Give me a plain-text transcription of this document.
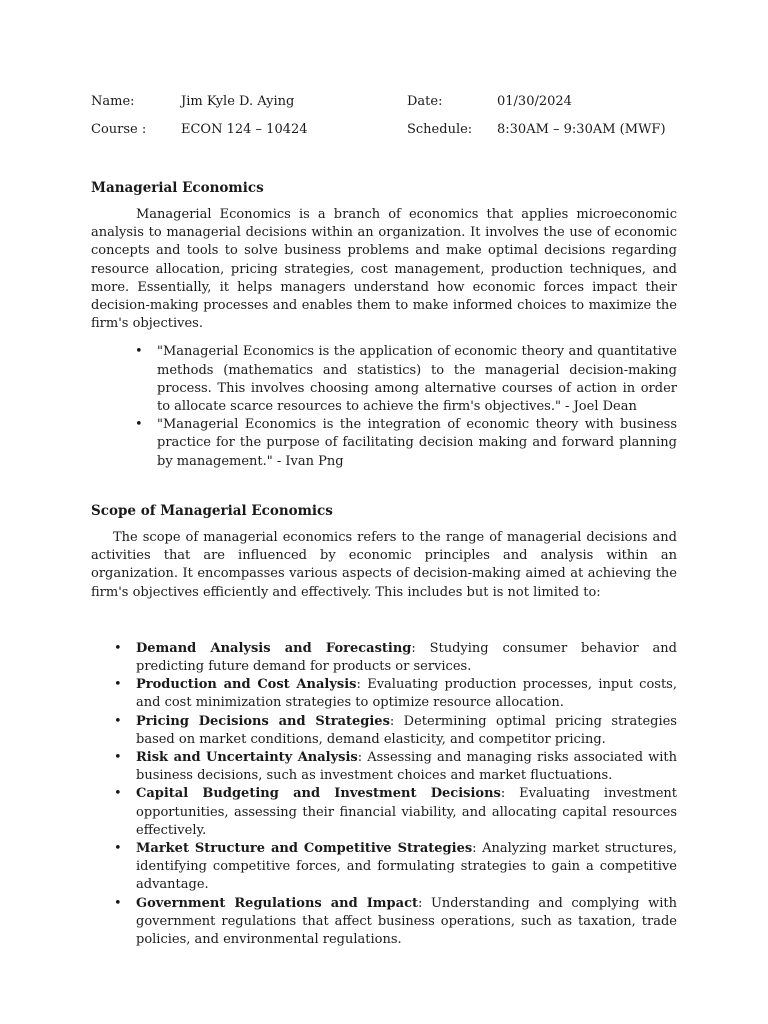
Name:	Jim Kyle D. Aying	Date:	01/30/2024
Course :	ECON 124 – 10424	Schedule: 8:30AM – 9:30AM (MWF)
Managerial Economics

Managerial Economics is a branch of economics that applies microeconomic analysis to managerial decisions within an organization. It involves the use of economic concepts and tools to solve business problems and make optimal decisions regarding resource allocation, pricing strategies, cost management, production techniques, and more. Essentially, it helps managers understand how economic forces impact their decision-making processes and enables them to make informed choices to maximize the firm's objectives.

• "Managerial Economics is the application of economic theory and quantitative methods (mathematics and statistics) to the managerial decision-making process. This involves choosing among alternative courses of action in order to allocate scarce resources to achieve the firm's objectives." - Joel Dean
• "Managerial Economics is the integration of economic theory with business practice for the purpose of facilitating decision making and forward planning by management." - Ivan Png
Scope of Managerial Economics

The scope of managerial economics refers to the range of managerial decisions and activities that are influenced by economic principles and analysis within an organization. It encompasses various aspects of decision-making aimed at achieving the firm's objectives efficiently and effectively. This includes but is not limited to:

• Demand Analysis and Forecasting: Studying consumer behavior and predicting future demand for products or services.
• Production and Cost Analysis: Evaluating production processes, input costs, and cost minimization strategies to optimize resource allocation.
• Pricing Decisions and Strategies: Determining optimal pricing strategies based on market conditions, demand elasticity, and competitor pricing.
• Risk and Uncertainty Analysis: Assessing and managing risks associated with business decisions, such as investment choices and market fluctuations.
• Capital Budgeting and Investment Decisions: Evaluating investment opportunities, assessing their financial viability, and allocating capital resources effectively.
• Market Structure and Competitive Strategies: Analyzing market structures, identifying competitive forces, and formulating strategies to gain a competitive advantage.
• Government Regulations and Impact: Understanding and complying with government regulations that affect business operations, such as taxation, trade policies, and environmental regulations.
